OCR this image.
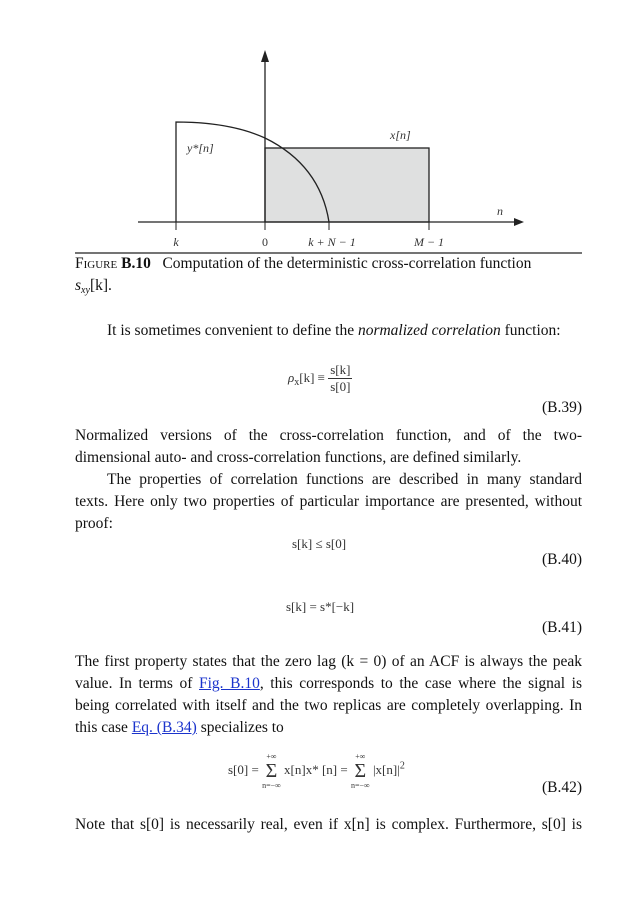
y*[n]
x[n]
n
k	0	k + N − 1	M − 1
Figure B.10 Computation of the deterministic cross-correlation function
$s_{xy}[k]$.
It is sometimes convenient to define the normalized correlation function:
$\rho_x[k] \equiv \frac{s[k]}{s[0]}$
(B.39)
Normalized versions of the cross-correlation function, and of the two-
dimensional auto- and cross-correlation functions, are defined similarly.
The properties of correlation functions are described in many standard
texts. Here only two properties of particular importance are presented, without
proof:
s[k] ≤ s[0]
(B.40)
s[k] = s*[−k]
(B.41)
The first property states that the zero lag (k = 0) of an ACF is always the peak
value. In terms of Fig. B.10, this corresponds to the case where the signal is
being correlated with itself and the two replicas are completely overlapping. In
this case Eq. (B.34) specializes to
s[0] =
+∞
Σ
n=−∞
x[n]x* [n] =
+∞
Σ
n=−∞
$|x[n]|^2$
(B.42)
Note that s[0] is necessarily real, even if x[n] is complex. Furthermore, s[0] is
